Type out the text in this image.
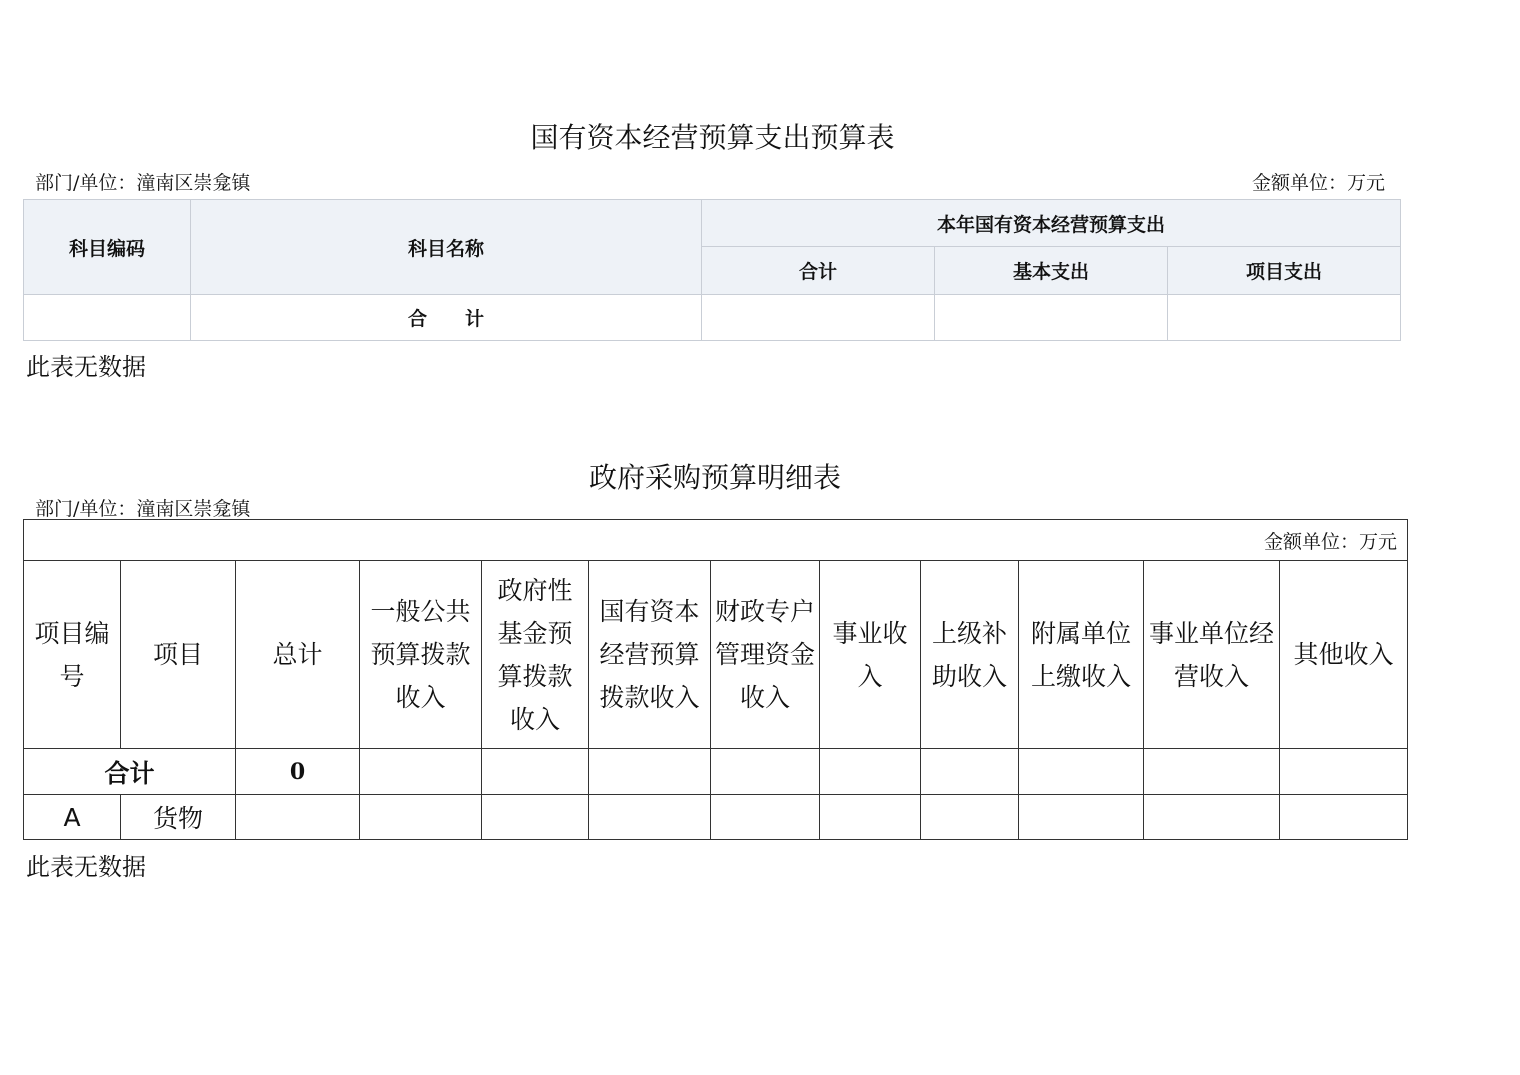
国有资本经营预算支出预算表
部门/单位：潼南区崇龛镇	金额单位：万元
科目编码	科目名称	本年国有资本经营预算支出		
		合计	基本支出	项目支出
	合　　计			
此表无数据
政府采购预算明细表
部门/单位：潼南区崇龛镇
金额单位：万元											
项目编号	项目	总计	一般公共预算拨款收入	政府性基金预算拨款收入	国有资本经营预算拨款收入	财政专户管理资金收入	事业收入	上级补助收入	附属单位上缴收入	事业单位经营收入	其他收入
合计		0									
A	货物										
此表无数据
